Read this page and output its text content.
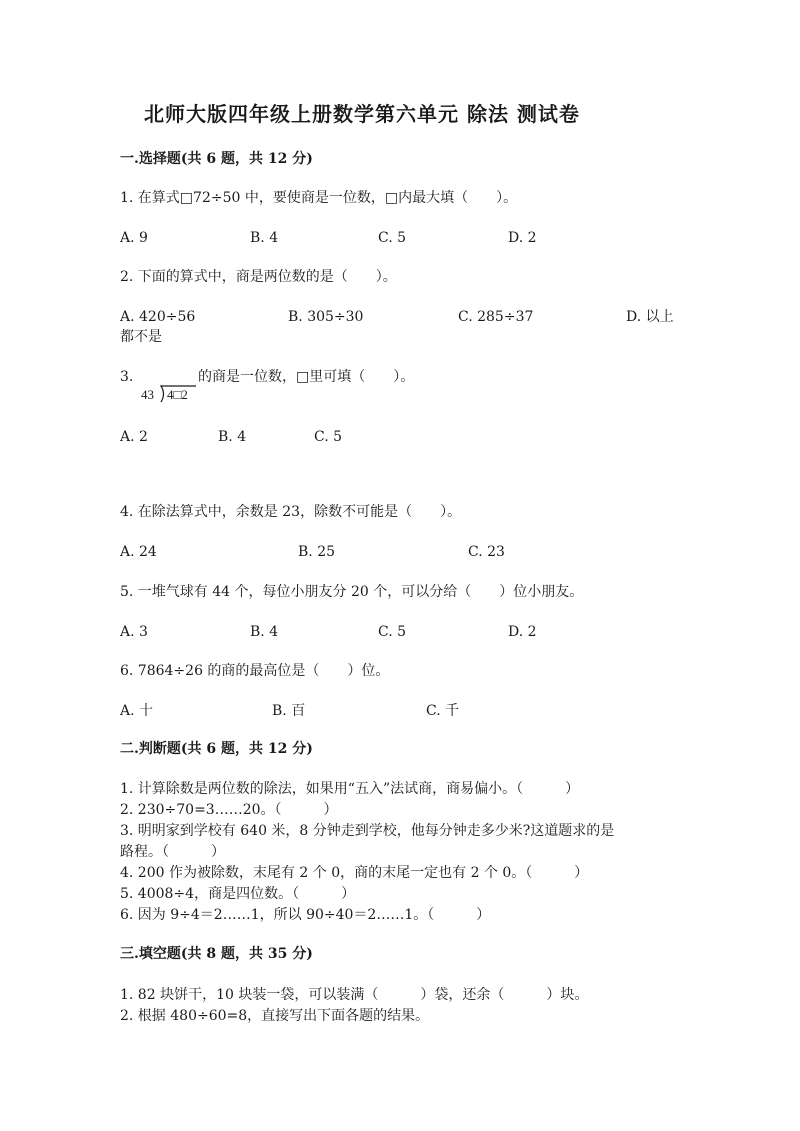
北师大版四年级上册数学第六单元 除法 测试卷
一.选择题(共 6 题，共 12 分)
1. 在算式□72÷50 中，要使商是一位数，□内最大填（　　）。
A. 9	B. 4	C. 5	D. 2
2. 下面的算式中，商是两位数的是（　　）。
A. 420÷56	B. 305÷30	C. 285÷37	D. 以上
都不是
3.
43 4□2
的商是一位数，□里可填（　　）。
A. 2	B. 4	C. 5
4. 在除法算式中，余数是 23，除数不可能是（　　）。
A. 24	B. 25	C. 23
5. 一堆气球有 44 个，每位小朋友分 20 个，可以分给（　　）位小朋友。
A. 3	B. 4	C. 5	D. 2
6. 7864÷26 的商的最高位是（　　）位。
A. 十	B. 百	C. 千
二.判断题(共 6 题，共 12 分)
1. 计算除数是两位数的除法，如果用“五入”法试商，商易偏小。（　　　）
2. 230÷70=3……20。（　　　）
3. 明明家到学校有 640 米，8 分钟走到学校，他每分钟走多少米?这道题求的是
路程。（　　　）
4. 200 作为被除数，末尾有 2 个 0，商的末尾一定也有 2 个 0。（　　　）
5. 4008÷4，商是四位数。（　　　）
6. 因为 9÷4＝2……1，所以 90÷40＝2……1。（　　　）
三.填空题(共 8 题，共 35 分)
1. 82 块饼干，10 块装一袋，可以装满（　　　）袋，还余（　　　）块。
2. 根据 480÷60=8，直接写出下面各题的结果。
